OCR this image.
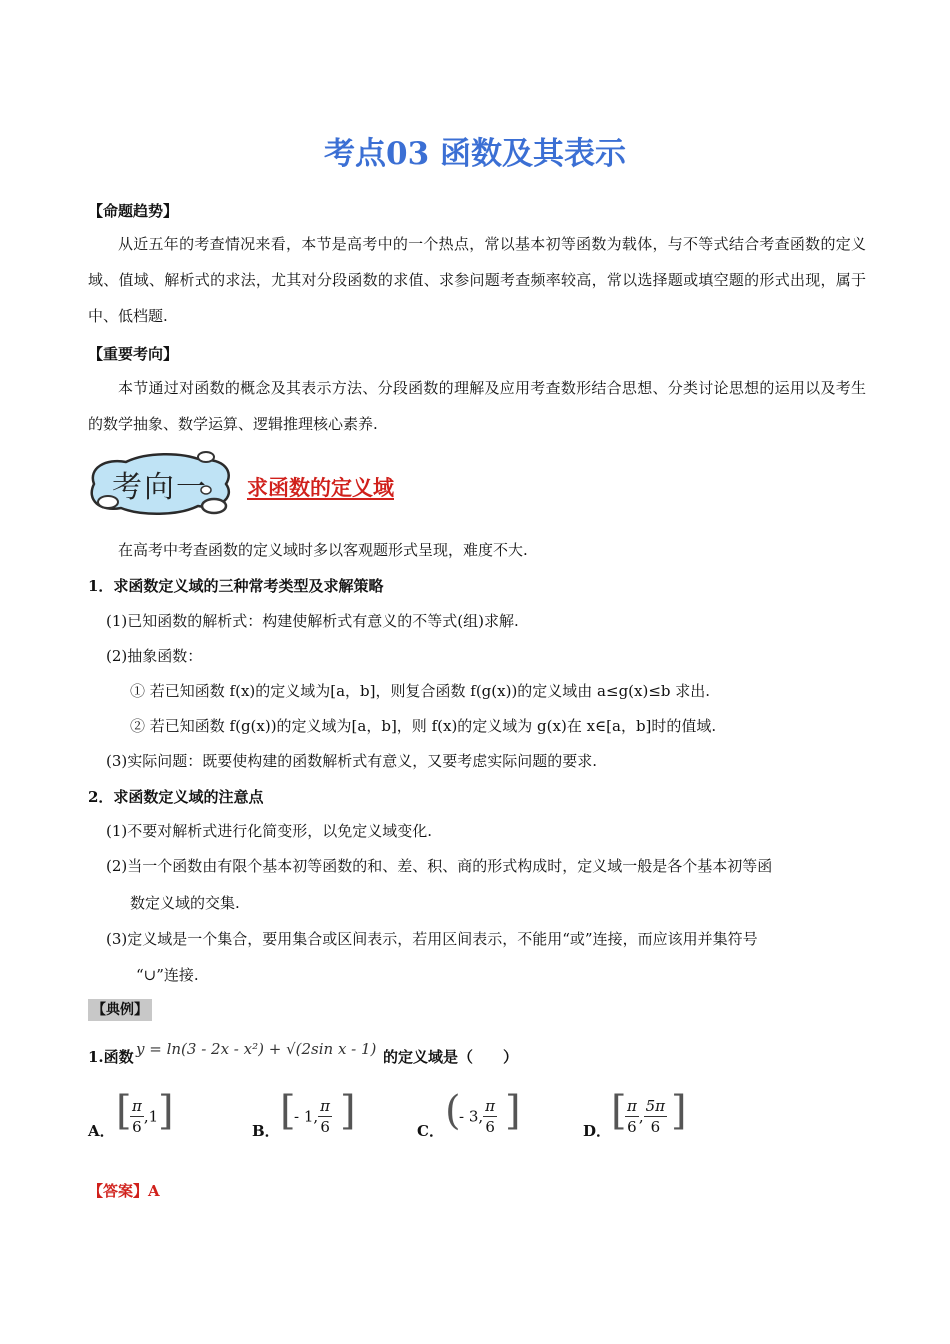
考点03 函数及其表示
【命题趋势】
从近五年的考查情况来看，本节是高考中的一个热点，常以基本初等函数为载体，与不等式结合考查函数的定义域、值域、解析式的求法，尤其对分段函数的求值、求参问题考查频率较高，常以选择题或填空题的形式出现，属于中、低档题.
【重要考向】
本节通过对函数的概念及其表示方法、分段函数的理解及应用考查数形结合思想、分类讨论思想的运用以及考生的数学抽象、数学运算、逻辑推理核心素养.
考向一 求函数的定义域
在高考中考查函数的定义域时多以客观题形式呈现，难度不大.
1．求函数定义域的三种常考类型及求解策略
(1)已知函数的解析式：构建使解析式有意义的不等式(组)求解.
(2)抽象函数：
① 若已知函数 f(x)的定义域为[a，b]，则复合函数 f(g(x))的定义域由 a≤g(x)≤b 求出.
② 若已知函数 f(g(x))的定义域为[a，b]，则 f(x)的定义域为 g(x)在 x∈[a，b]时的值域.
(3)实际问题：既要使构建的函数解析式有意义，又要考虑实际问题的要求.
2．求函数定义域的注意点
(1)不要对解析式进行化简变形，以免定义域变化.
(2)当一个函数由有限个基本初等函数的和、差、积、商的形式构成时，定义域一般是各个基本初等函
数定义域的交集.
(3)定义域是一个集合，要用集合或区间表示，若用区间表示，不能用“或”连接，而应该用并集符号
“∪”连接.
【典例】
1.函数 y = ln(3 - 2x - x²) + √(2sin x - 1) 的定义域是（　　）
A． [
$\frac{\pi}{6} ,1$ ]	B． [
- 1, $\frac{\pi}{6}$ ]	C． (
- 3, $\frac{\pi}{6}$ ]	D． [
$\frac{\pi}{6}$ , $\frac{5\pi}{6}$ ]
【答案】A
